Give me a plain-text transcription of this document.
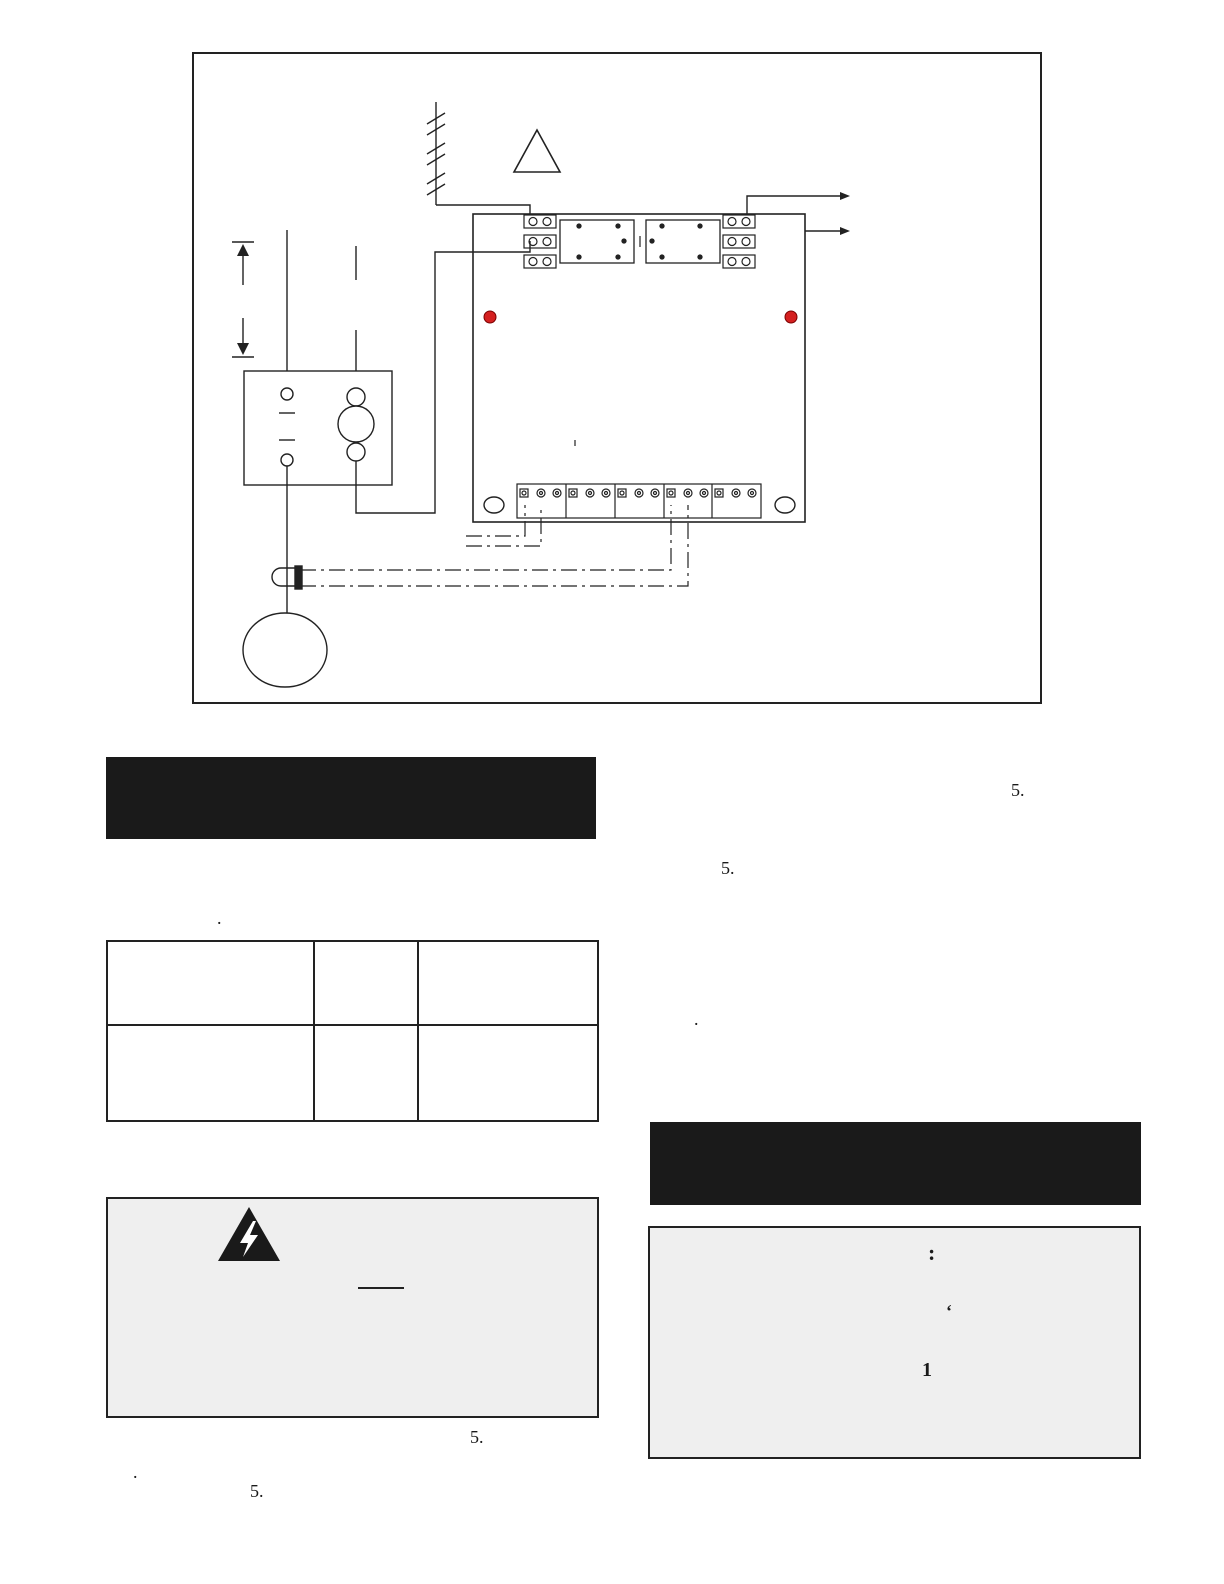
.
5.
.
5.
5.
5.
.
:
‘
1
